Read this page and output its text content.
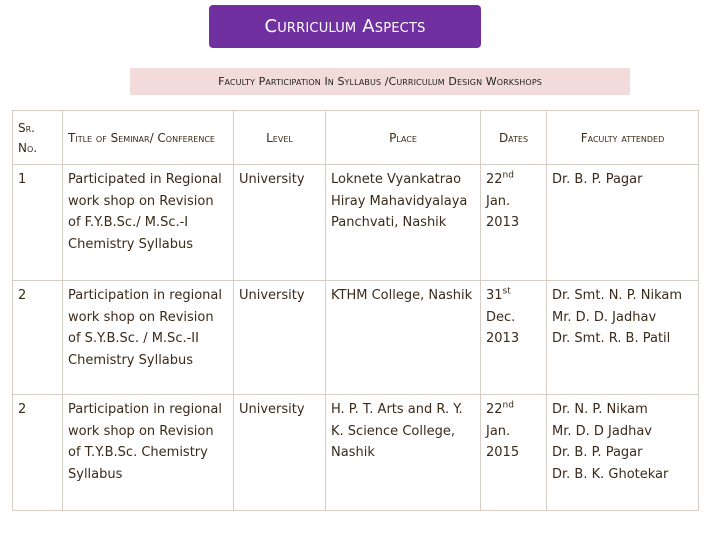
Curriculum Aspects
Faculty Participation In Syllabus /Curriculum Design Workshops
Sr. No.	Title of Seminar/ Conference	Level	Place	Dates	Faculty attended
1	Participated in Regional work shop on Revision of F.Y.B.Sc./ M.Sc.-I Chemistry Syllabus	University	Loknete Vyankatrao Hiray Mahavidyalaya Panchvati, Nashik	22nd Jan. 2013	Dr. B. P. Pagar
2	Participation in regional work shop on Revision of S.Y.B.Sc. / M.Sc.-II Chemistry Syllabus	University	KTHM College, Nashik	31st Dec. 2013	Dr. Smt. N. P. Nikam
Mr. D. D. Jadhav
Dr. Smt. R. B. Patil
2	Participation in regional work shop on Revision of T.Y.B.Sc. Chemistry Syllabus	University	H. P. T. Arts and R. Y. K. Science College, Nashik	22nd Jan. 2015	Dr. N. P. Nikam
Mr. D. D Jadhav
Dr. B. P. Pagar
Dr. B. K. Ghotekar
